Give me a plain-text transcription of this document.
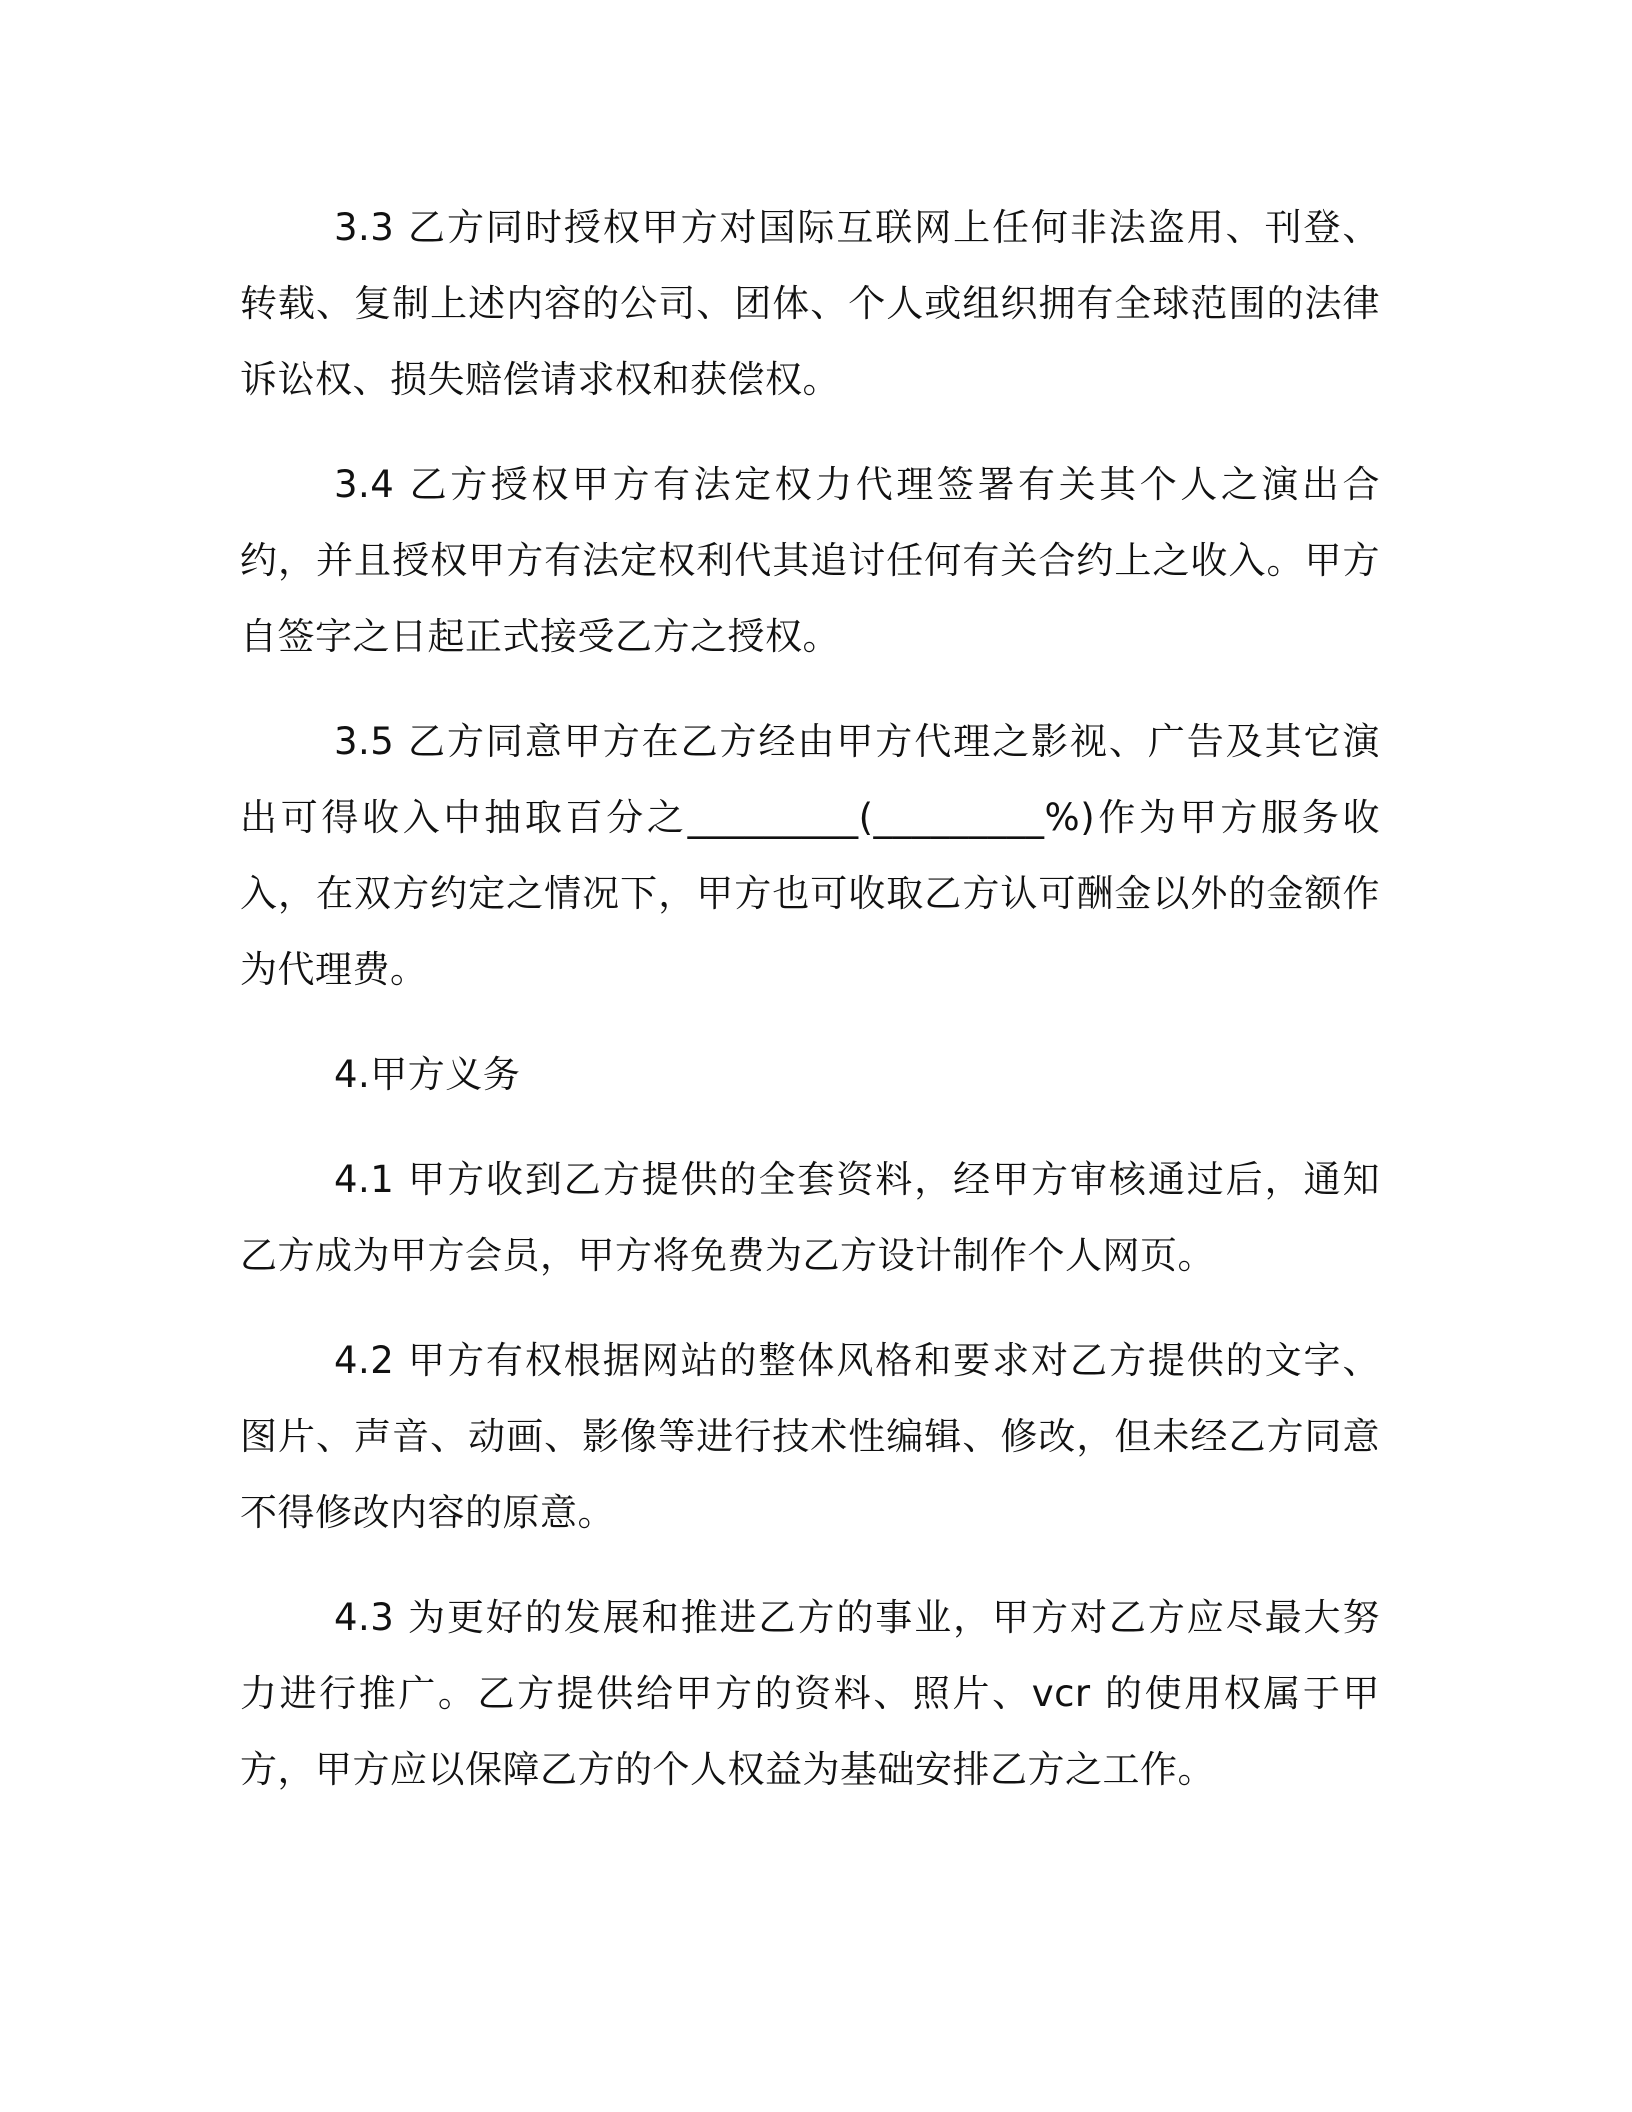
3.3 乙方同时授权甲方对国际互联网上任何非法盗用、刊登、转载、复制上述内容的公司、团体、个人或组织拥有全球范围的法律诉讼权、损失赔偿请求权和获偿权。

3.4 乙方授权甲方有法定权力代理签署有关其个人之演出合约，并且授权甲方有法定权利代其追讨任何有关合约上之收入。甲方自签字之日起正式接受乙方之授权。

3.5 乙方同意甲方在乙方经由甲方代理之影视、广告及其它演出可得收入中抽取百分之_________(_________%)作为甲方服务收入，在双方约定之情况下，甲方也可收取乙方认可酬金以外的金额作为代理费。

4.甲方义务

4.1 甲方收到乙方提供的全套资料，经甲方审核通过后，通知乙方成为甲方会员，甲方将免费为乙方设计制作个人网页。

4.2 甲方有权根据网站的整体风格和要求对乙方提供的文字、图片、声音、动画、影像等进行技术性编辑、修改，但未经乙方同意不得修改内容的原意。

4.3 为更好的发展和推进乙方的事业，甲方对乙方应尽最大努力进行推广。乙方提供给甲方的资料、照片、vcr 的使用权属于甲方，甲方应以保障乙方的个人权益为基础安排乙方之工作。
